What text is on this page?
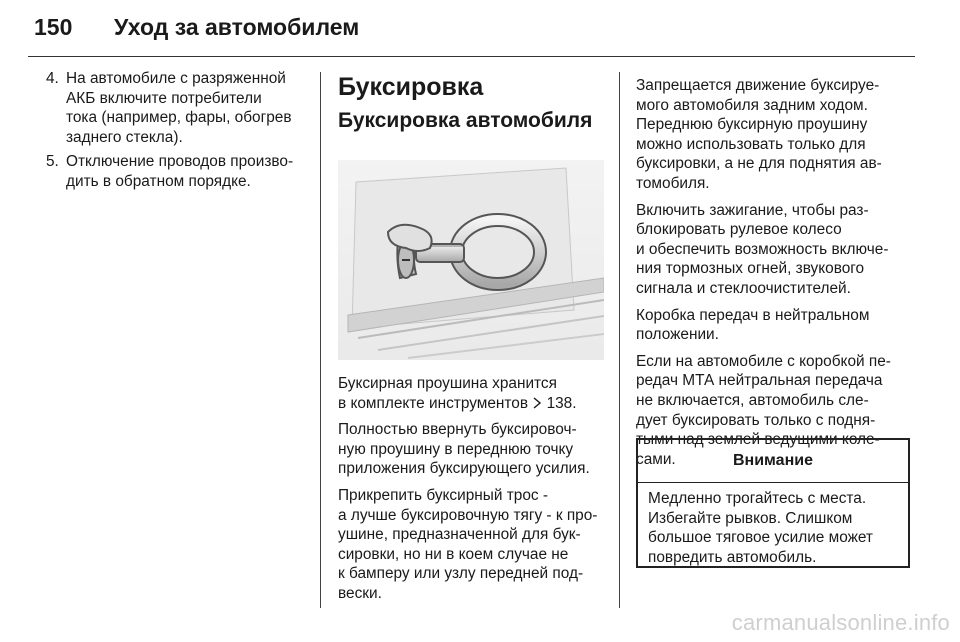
150 Уход за автомобилем
4. На автомобиле с разряженной
АКБ включите потребители
тока (например, фары, обогрев
заднего стекла).
5. Отключение проводов произво-
дить в обратном порядке.
Буксировка
Буксировка автомобиля

Буксирная проушина хранится
в комплекте инструментов  138.

Полностью ввернуть буксировоч-
ную проушину в переднюю точку
приложения буксирующего усилия.

Прикрепить буксирный трос -
а лучше буксировочную тягу - к про-
ушине, предназначенной для бук-
сировки, но ни в коем случае не
к бамперу или узлу передней под-
вески.

Запрещается движение буксируе-
мого автомобиля задним ходом.
Переднюю буксирную проушину
можно использовать только для
буксировки, а не для поднятия ав-
томобиля.

Включить зажигание, чтобы раз-
блокировать рулевое колесо
и обеспечить возможность включе-
ния тормозных огней, звукового
сигнала и стеклоочистителей.

Коробка передач в нейтральном
положении.

Если на автомобиле с коробкой пе-
редач МТА нейтральная передача
не включается, автомобиль сле-
дует буксировать только с подня-
тыми над землей ведущими колe-
сами.	Внимание
Медленно трогайтесь с места.
Избегайте рывков. Слишком
большое тяговое усилие может
повредить автомобиль.
carmanualsonline.info
